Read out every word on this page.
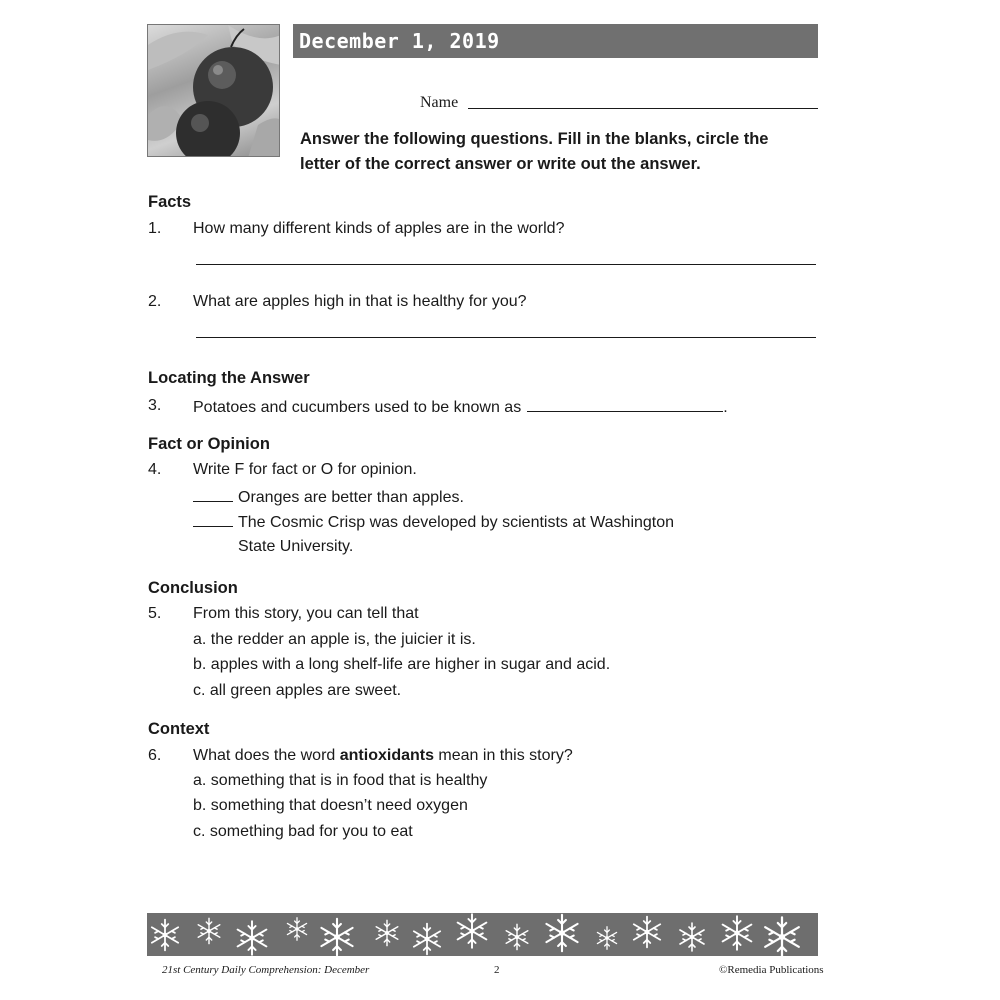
December 1, 2019
Name
Answer the following questions. Fill in the blanks, circle the
letter of the correct answer or write out the answer.
Facts
1. How many different kinds of apples are in the world?
2. What are apples high in that is healthy for you?
Locating the Answer
3. Potatoes and cucumbers used to be known as	.
Fact or Opinion
4. Write F for fact or O for opinion.
Oranges are better than apples.
The Cosmic Crisp was developed by scientists at Washington
State University.
Conclusion
5. From this story, you can tell that
a. the redder an apple is, the juicier it is.
b. apples with a long shelf-life are higher in sugar and acid.
c. all green apples are sweet.
Context
6. What does the word antioxidants mean in this story?
a. something that is in food that is healthy
b. something that doesn’t need oxygen
c. something bad for you to eat
21st Century Daily Comprehension: December	2	©Remedia Publications
